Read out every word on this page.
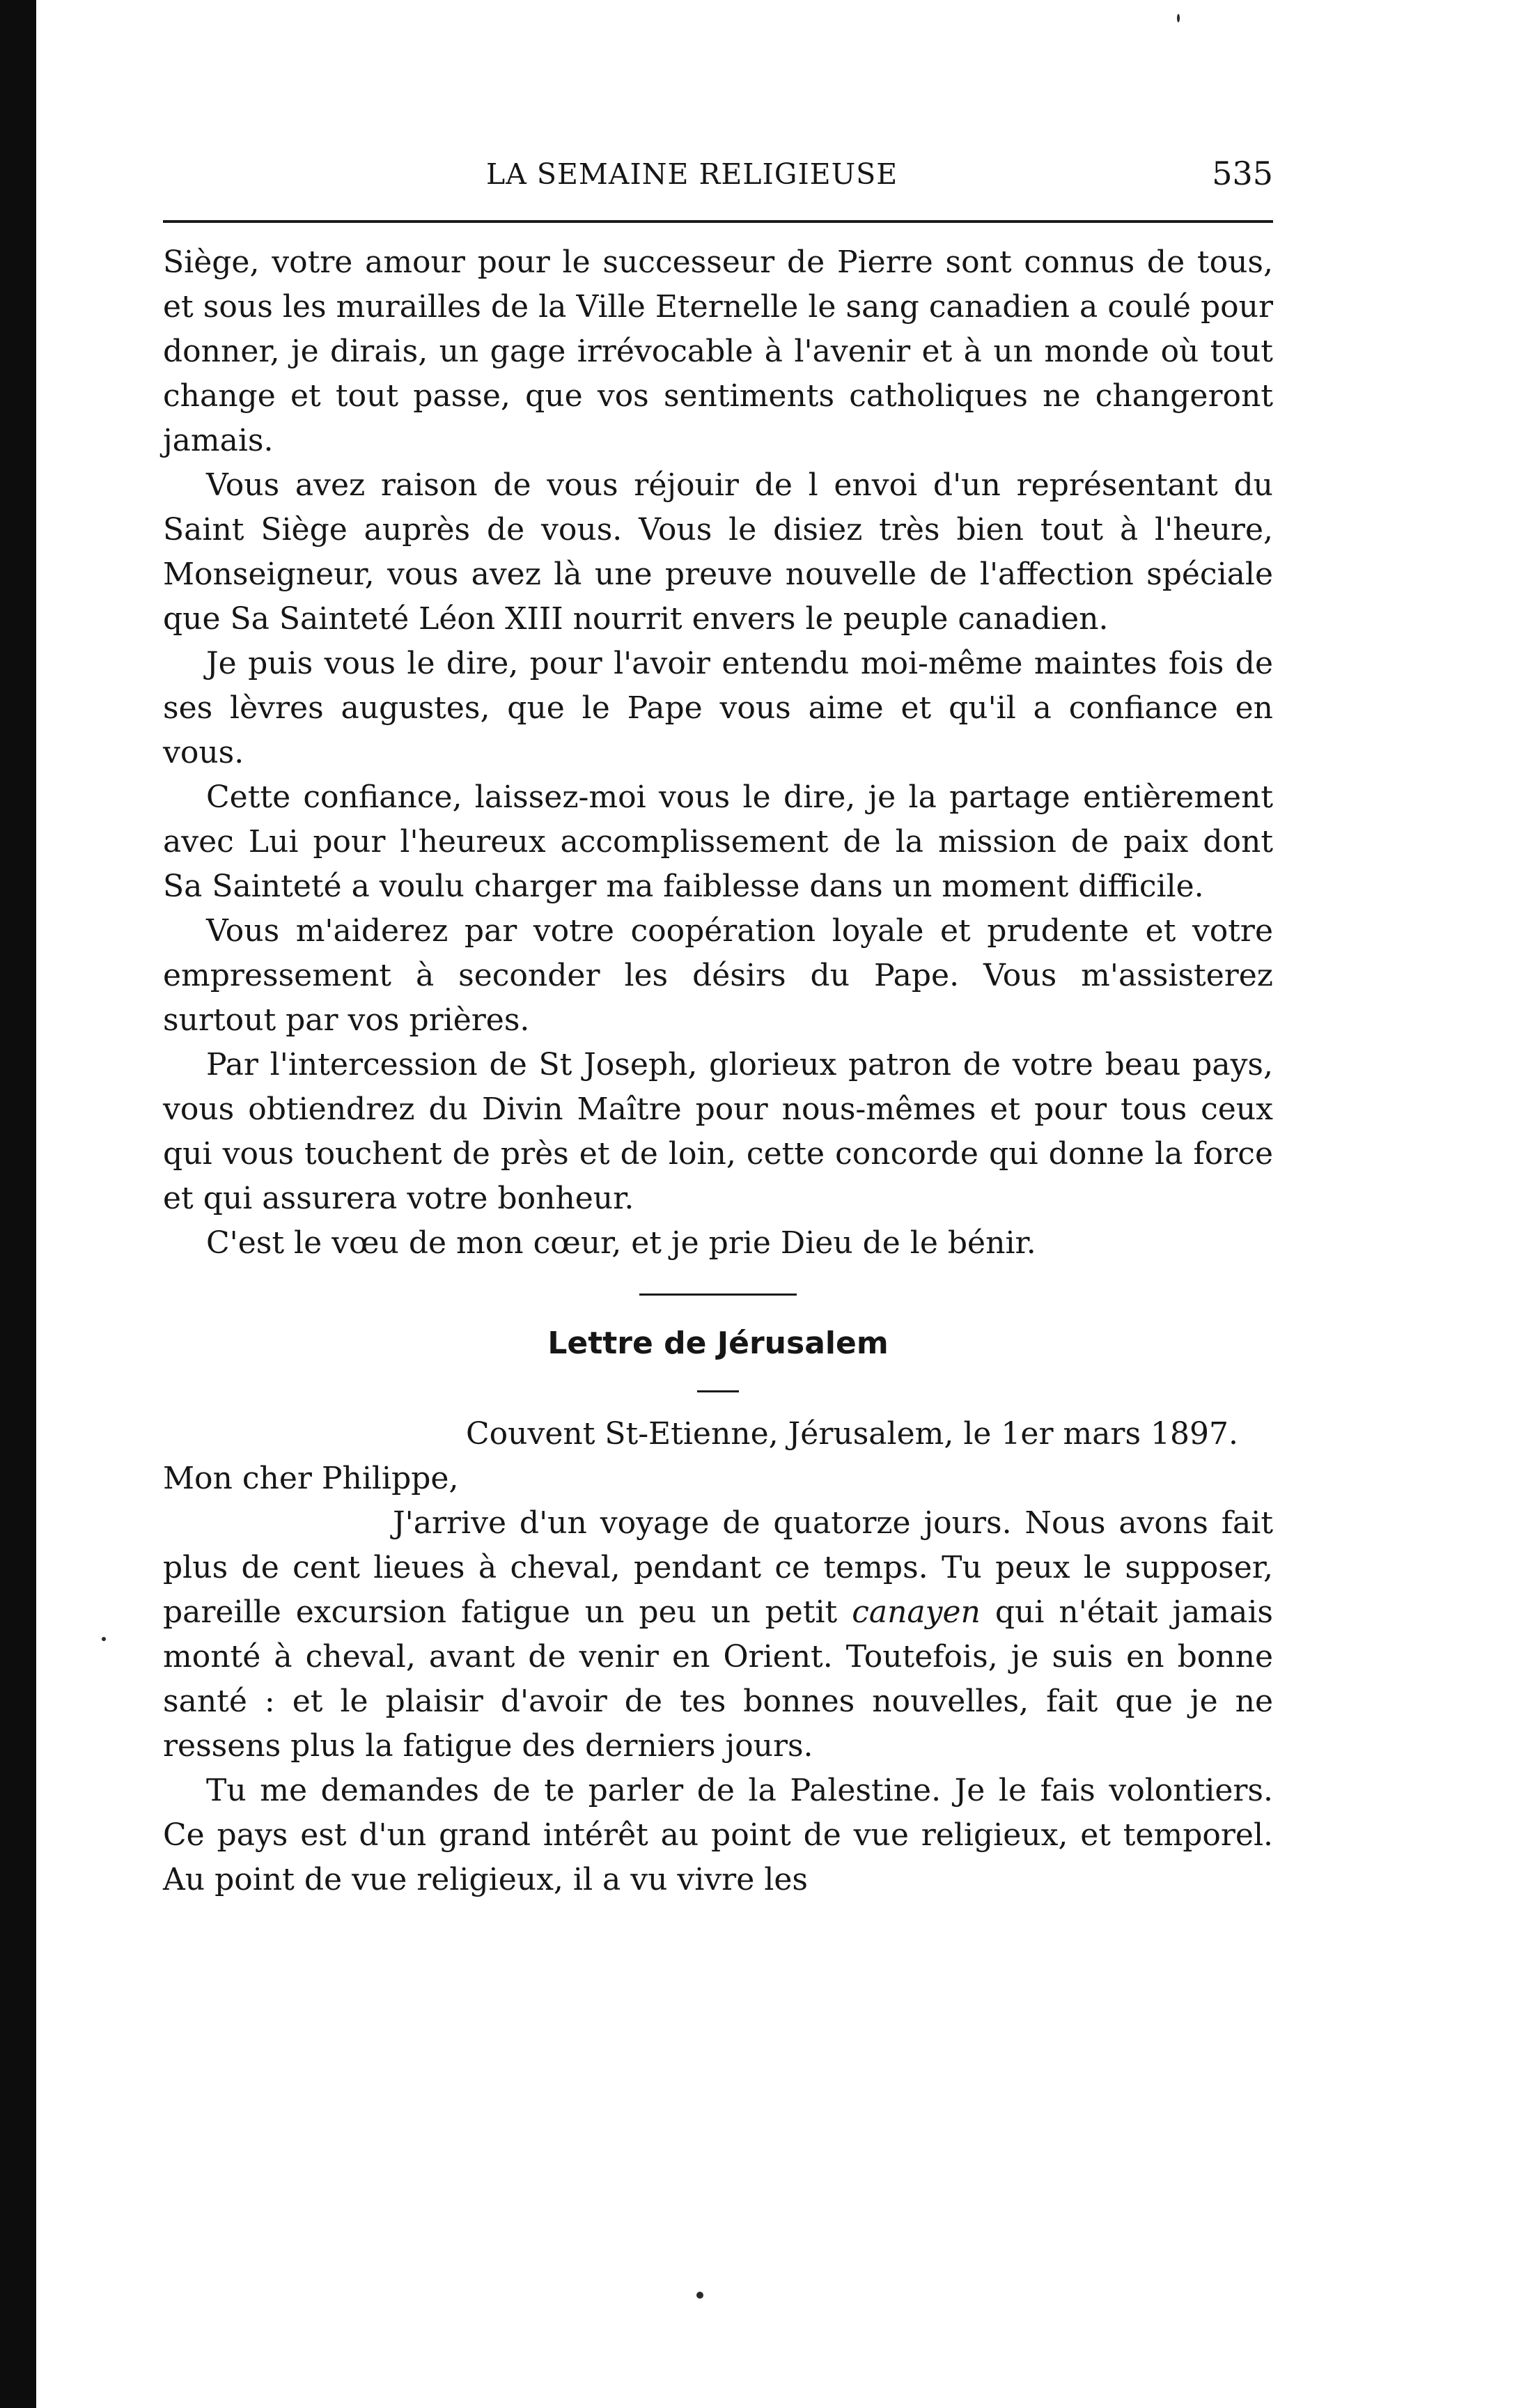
LA SEMAINE RELIGIEUSE	535

Siège, votre amour pour le successeur de Pierre sont connus de tous, et sous les murailles de la Ville Eternelle le sang canadien a coulé pour donner, je dirais, un gage irrévocable à l'avenir et à un monde où tout change et tout passe, que vos sentiments catholiques ne changeront jamais.

Vous avez raison de vous réjouir de l envoi d'un représentant du Saint Siège auprès de vous. Vous le disiez très bien tout à l'heure, Monseigneur, vous avez là une preuve nouvelle de l'affection spéciale que Sa Sainteté Léon XIII nourrit envers le peuple canadien.

Je puis vous le dire, pour l'avoir entendu moi-même maintes fois de ses lèvres augustes, que le Pape vous aime et qu'il a confiance en vous.

Cette confiance, laissez-moi vous le dire, je la partage entièrement avec Lui pour l'heureux accomplissement de la mission de paix dont Sa Sainteté a voulu charger ma faiblesse dans un moment difficile.

Vous m'aiderez par votre coopération loyale et prudente et votre empressement à seconder les désirs du Pape. Vous m'assisterez surtout par vos prières.

Par l'intercession de St Joseph, glorieux patron de votre beau pays, vous obtiendrez du Divin Maître pour nous-mêmes et pour tous ceux qui vous touchent de près et de loin, cette concorde qui donne la force et qui assurera votre bonheur.

C'est le vœu de mon cœur, et je prie Dieu de le bénir.

Lettre de Jérusalem

Couvent St-Etienne, Jérusalem, le 1er mars 1897.

Mon cher Philippe,

J'arrive d'un voyage de quatorze jours. Nous avons fait plus de cent lieues à cheval, pendant ce temps. Tu peux le supposer, pareille excursion fatigue un peu un petit canayen qui n'était jamais monté à cheval, avant de venir en Orient. Toutefois, je suis en bonne santé : et le plaisir d'avoir de tes bonnes nouvelles, fait que je ne ressens plus la fatigue des derniers jours.

Tu me demandes de te parler de la Palestine. Je le fais volontiers. Ce pays est d'un grand intérêt au point de vue religieux, et temporel. Au point de vue religieux, il a vu vivre les
